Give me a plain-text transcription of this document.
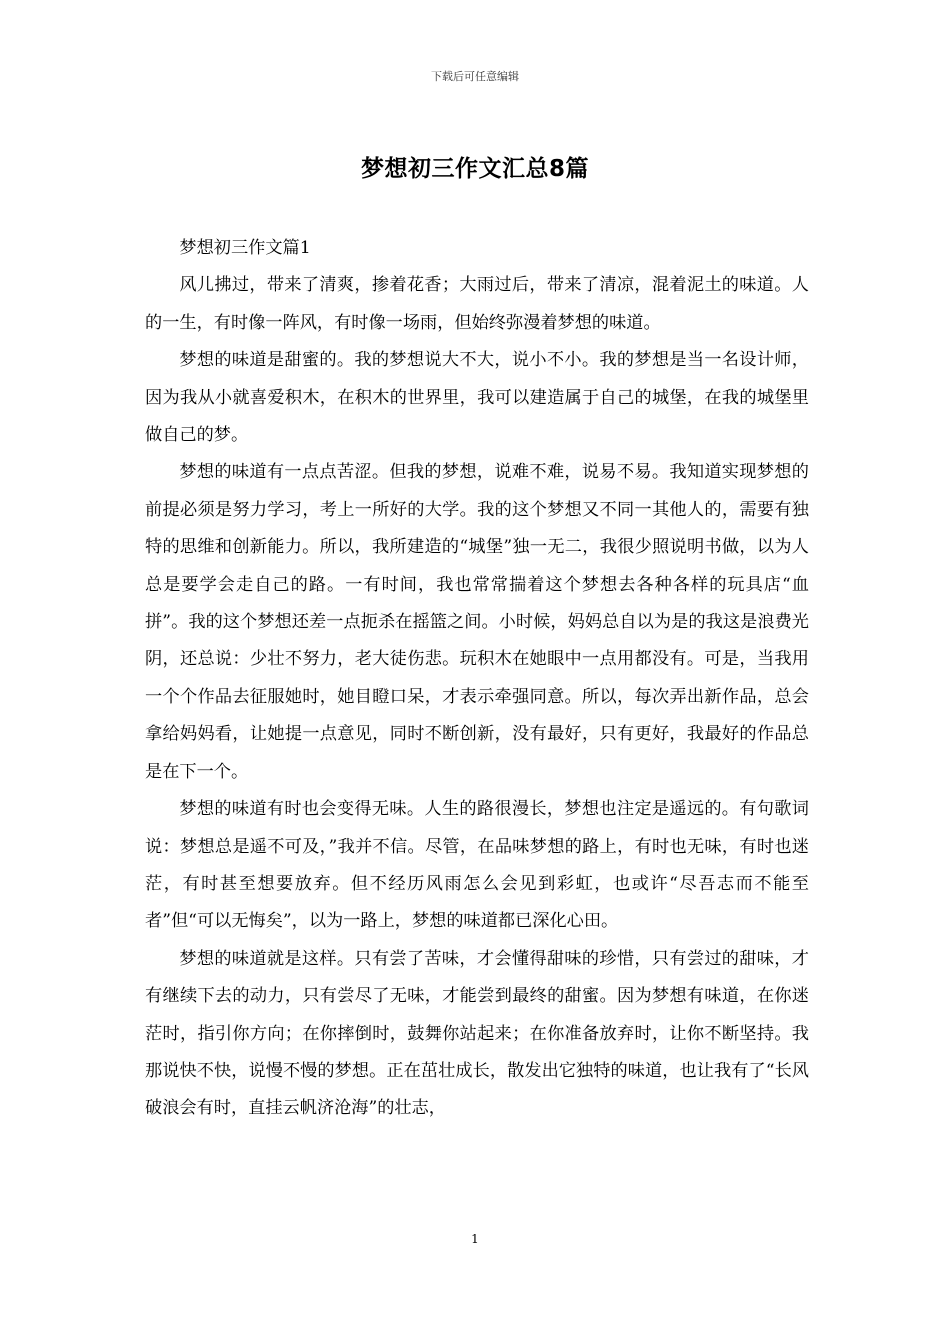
下载后可任意编辑
梦想初三作文汇总8篇

梦想初三作文篇1

风儿拂过，带来了清爽，掺着花香；大雨过后，带来了清凉，混着泥土的味道。人的一生，有时像一阵风，有时像一场雨，但始终弥漫着梦想的味道。

梦想的味道是甜蜜的。我的梦想说大不大，说小不小。我的梦想是当一名设计师，因为我从小就喜爱积木，在积木的世界里，我可以建造属于自己的城堡，在我的城堡里做自己的梦。

梦想的味道有一点点苦涩。但我的梦想，说难不难，说易不易。我知道实现梦想的前提必须是努力学习，考上一所好的大学。我的这个梦想又不同一其他人的，需要有独特的思维和创新能力。所以，我所建造的“城堡”独一无二，我很少照说明书做，以为人总是要学会走自己的路。一有时间，我也常常揣着这个梦想去各种各样的玩具店“血拼”。我的这个梦想还差一点扼杀在摇篮之间。小时候，妈妈总自以为是的我这是浪费光阴，还总说：少壮不努力，老大徒伤悲。玩积木在她眼中一点用都没有。可是，当我用一个个作品去征服她时，她目瞪口呆，才表示牵强同意。所以，每次弄出新作品，总会拿给妈妈看，让她提一点意见，同时不断创新，没有最好，只有更好，我最好的作品总是在下一个。

梦想的味道有时也会变得无味。人生的路很漫长，梦想也注定是遥远的。有句歌词说：梦想总是遥不可及，”我并不信。尽管，在品味梦想的路上，有时也无味，有时也迷茫，有时甚至想要放弃。但不经历风雨怎么会见到彩虹，也或许“尽吾志而不能至者”但“可以无悔矣”，以为一路上，梦想的味道都已深化心田。

梦想的味道就是这样。只有尝了苦味，才会懂得甜味的珍惜，只有尝过的甜味，才有继续下去的动力，只有尝尽了无味，才能尝到最终的甜蜜。因为梦想有味道，在你迷茫时，指引你方向；在你摔倒时，鼓舞你站起来；在你准备放弃时，让你不断坚持。我那说快不快，说慢不慢的梦想。正在茁壮成长，散发出它独特的味道，也让我有了“长风破浪会有时，直挂云帆济沧海”的壮志，

1
